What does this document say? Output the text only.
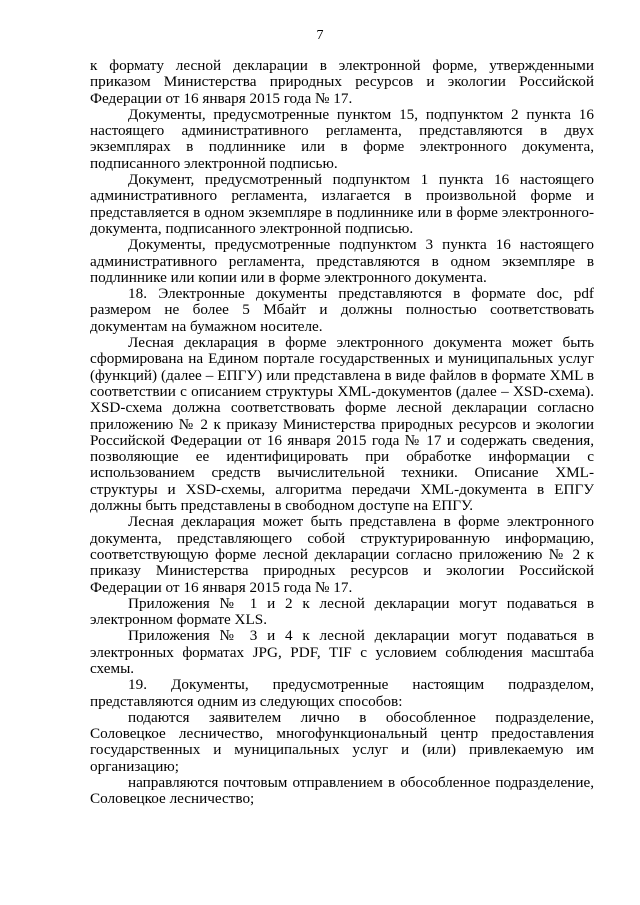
7

к формату лесной декларации в электронной форме, утвержденными приказом Министерства природных ресурсов и экологии Российской Федерации от 16 января 2015 года № 17.

Документы, предусмотренные пунктом 15, подпунктом 2 пункта 16 настоящего административного регламента, представляются в двух экземплярах в подлиннике или в форме электронного документа, подписанного электронной подписью.

Документ, предусмотренный подпунктом 1 пункта 16 настоящего административного регламента, излагается в произвольной форме и представляется в одном экземпляре в подлиннике или в форме электронного-документа, подписанного электронной подписью.

Документы, предусмотренные подпунктом 3 пункта 16 настоящего административного регламента, представляются в одном экземпляре в подлиннике или копии или в форме электронного документа.

18. Электронные документы представляются в формате doc, pdf размером не более 5 Мбайт и должны полностью соответствовать документам на бумажном носителе.

Лесная декларация в форме электронного документа может быть сформирована на Едином портале государственных и муниципальных услуг (функций) (далее – ЕПГУ) или представлена в виде файлов в формате XML в соответствии с описанием структуры XML-документов (далее – XSD-схема). XSD-схема должна соответствовать форме лесной декларации согласно приложению № 2 к приказу Министерства природных ресурсов и экологии Российской Федерации от 16 января 2015 года № 17 и содержать сведения, позволяющие ее идентифицировать при обработке информации с использованием средств вычислительной техники. Описание XML-структуры и XSD-схемы, алгоритма передачи XML-документа в ЕПГУ должны быть представлены в свободном доступе на ЕПГУ.

Лесная декларация может быть представлена в форме электронного документа, представляющего собой структурированную информацию, соответствующую форме лесной декларации согласно приложению № 2 к приказу Министерства природных ресурсов и экологии Российской Федерации от 16 января 2015 года № 17.

Приложения № 1 и 2 к лесной декларации могут подаваться в электронном формате XLS.

Приложения № 3 и 4 к лесной декларации могут подаваться в электронных форматах JPG, PDF, TIF с условием соблюдения масштаба схемы.

19. Документы, предусмотренные настоящим подразделом, представляются одним из следующих способов:

подаются заявителем лично в обособленное подразделение, Соловецкое лесничество, многофункциональный центр предоставления государственных и муниципальных услуг и (или) привлекаемую им организацию;

направляются почтовым отправлением в обособленное подразделение, Соловецкое лесничество;
